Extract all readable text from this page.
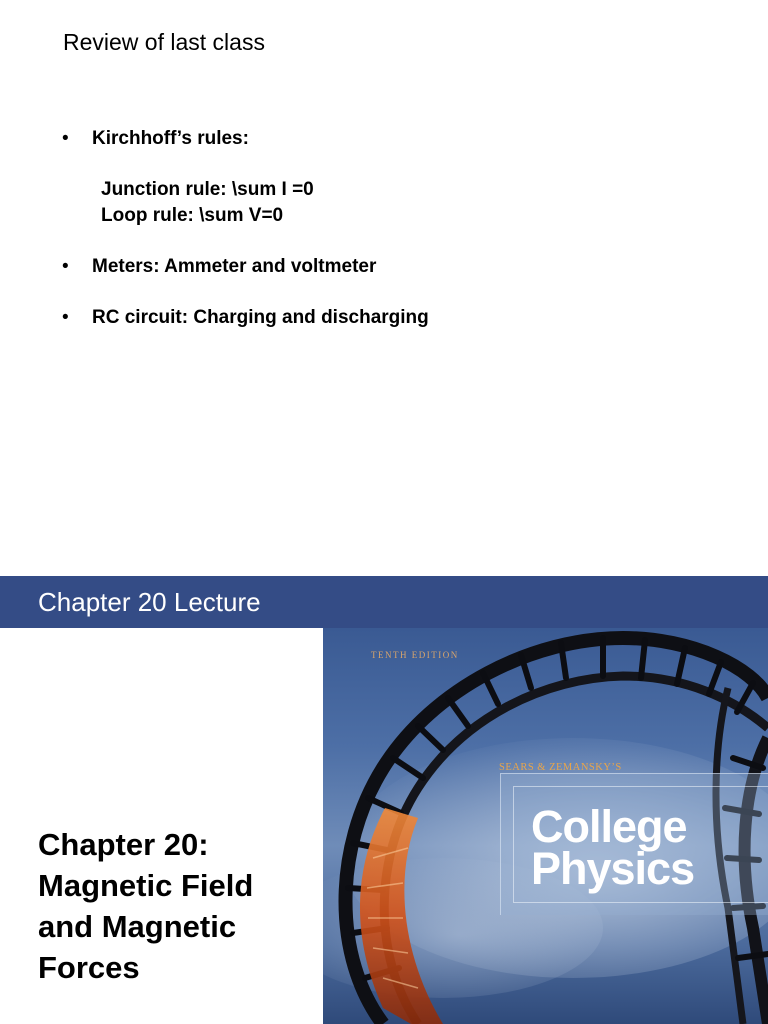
Review of last class
• Kirchhoff’s rules:
Junction rule: \sum I =0
Loop rule: \sum V=0
• Meters: Ammeter and voltmeter
• RC circuit: Charging and discharging
Chapter 20 Lecture
Chapter 20: Magnetic Field and Magnetic Forces
TENTH EDITION
SEARS & ZEMANSKY’S
College
Physics
